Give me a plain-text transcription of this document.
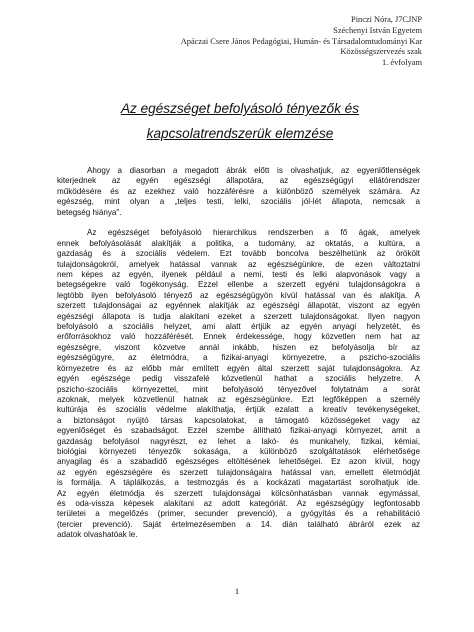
Pinczi Nóra, J7CJNP
Széchenyi István Egyetem
Apáczai Csere János Pedagógiai, Humán- és Társadalomtudományi Kar
Közösségszervezés szak
1. évfolyam
Az egészséget befolyásoló tényezők és
kapcsolatrendszerük elemzése

Ahogy a diasorban a megadott ábrák előtt is olvashatjuk, az egyenlőtlenségek

kiterjednek az egyén egészségi állapotára, az egészségügyi ellátórendszer

működésére és az ezekhez való hozzáférésre a különböző személyek számára. Az

egészség, mint olyan a „teljes testi, lelki, szociális jól-lét állapota, nemcsak a

betegség hiánya".

Az egészséget befolyásoló hierarchikus rendszerben a fő ágak, amelyek

ennek befolyásolását alakítják a politika, a tudomány, az oktatás, a kultúra, a

gazdaság és a szociális védelem. Ezt tovább boncolva beszélhetünk az örökölt

tulajdonságokról, amelyek hatással vannak az egészségünkre, de ezen változtatni

nem képes az egyén, ilyenek például a nemi, testi és lelki alapvonások vagy a

betegségekre való fogékonyság. Ezzel ellenbe a szerzett egyéni tulajdonságokra a

legtöbb ilyen befolyásoló tényező az egészségügyön kívül hatással van és alakítja. A

szerzett tulajdonságai az egyénnek alakítják az egészségi állapotát, viszont az egyén

egészségi állapota is tudja alakítani ezeket a szerzett tulajdonságokat. Ilyen nagyon

befolyásoló a szociális helyzet, ami alatt értjük az egyén anyagi helyzetét, és

erőforrásokhoz való hozzáférését. Ennek érdekessége, hogy közvetlen nem hat az

egészségre, viszont közvetve annál inkább, hiszen ez befolyásolja bír az

egészségügyre, az életmódra, a fizikai-anyagi környezetre, a pszicho-szociális

környezetre és az előbb már említett egyén által szerzett saját tulajdonságokra. Az

egyén egészsége pedig visszafelé közvetlenül hathat a szociális helyzetre. A

pszicho-szociális környezettel, mint befolyásoló tényezővel folytatnám a sorát

azoknak, melyek közvetlenül hatnak az egészségünkre. Ezt legfőképpen a személy

kultúrája és szociális védelme alakíthatja, értjük ezalatt a kreatív tevékenységeket,

a biztonságot nyújtó társas kapcsolatokat, a támogató közösségeket vagy az

egyenlőséget és szabadságot. Ezzel szembe állítható fizikai-anyagi környezet, amit a

gazdaság befolyásol nagyrészt, ez lehet a lakó- és munkahely, fizikai, kémiai,

biológiai környezeti tényezők sokasága, a különböző szolgáltatások elérhetősége

anyagilag és a szabadidő egészséges eltöltésének lehetőségei. Ez azon kívül, hogy

az egyén egészségére és szerzett tulajdonságaira hatással van, emellett életmódját

is formálja. A táplálkozás, a testmozgás és a kockázati magatartást sorolhatjuk ide.

Az egyén életmódja és szerzett tulajdonságai kölcsönhatásban vannak egymással,

és oda-vissza képesek alakítani az adott kategóriát. Az egészségügy legfontosabb

területei a megelőzés (primer, secunder prevenció), a gyógyítás és a rehabilitáció

(tercier prevenció). Saját értelmezésemben a 14. dián található ábráról ezek az

adatok olvashatóak le.

1
